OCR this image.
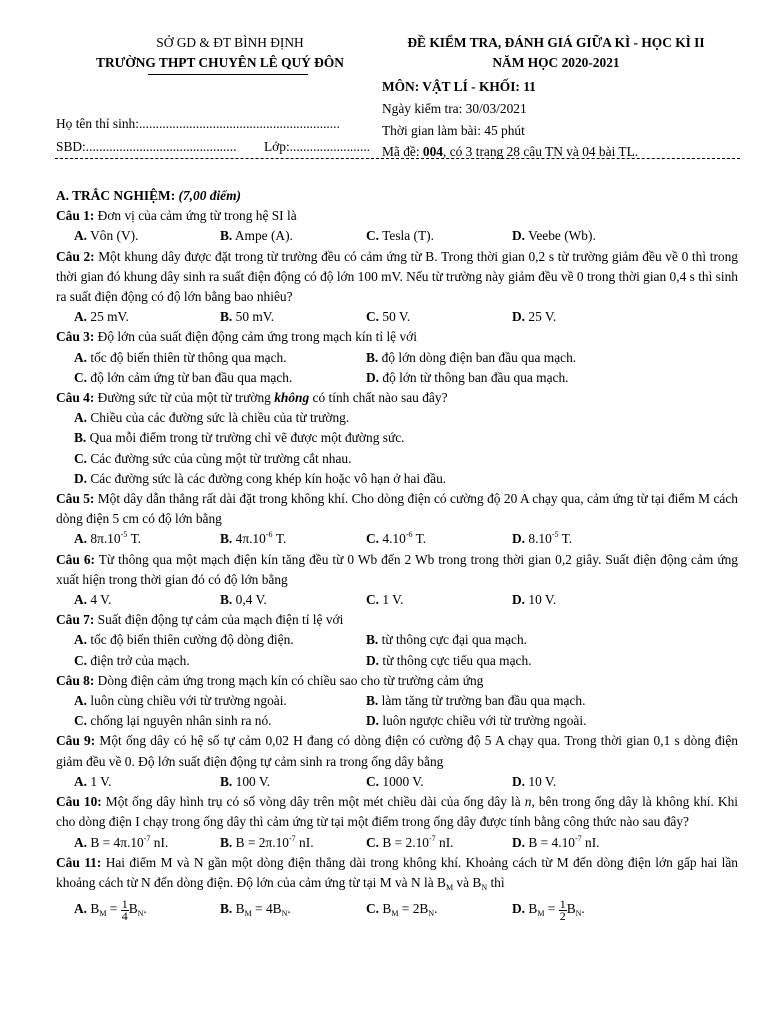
SỞ GD & ĐT BÌNH ĐỊNH
TRƯỜNG THPT CHUYÊN LÊ QUÝ ĐÔN
ĐỀ KIỂM TRA, ĐÁNH GIÁ GIỮA KÌ - HỌC KÌ II
NĂM HỌC 2020-2021
MÔN: VẬT LÍ - KHỐI: 11
Ngày kiểm tra: 30/03/2021
Thời gian làm bài: 45 phút
Mã đề: 004, có 3 trang 28 câu TN và 04 bài TL.
Họ tên thí sinh:............................................................
SBD:............................................. Lớp:........................
A. TRẮC NGHIỆM: (7,00 điểm)
Câu 1: Đơn vị của cảm ứng từ trong hệ SI là
A. Vôn (V).	B. Ampe (A).	C. Tesla (T).	D. Veebe (Wb).
Câu 2: Một khung dây được đặt trong từ trường đều có cảm ứng từ B. Trong thời gian 0,2 s từ trường giảm đều về 0 thì trong thời gian đó khung dây sinh ra suất điện động có độ lớn 100 mV. Nếu từ trường này giảm đều về 0 trong thời gian 0,4 s thì sinh ra suất điện động có độ lớn bằng bao nhiêu?
A. 25 mV.	B. 50 mV.	C. 50 V.	D. 25 V.
Câu 3: Độ lớn của suất điện động cảm ứng trong mạch kín tỉ lệ với
A. tốc độ biến thiên từ thông qua mạch.	B. độ lớn dòng điện ban đầu qua mạch.
C. độ lớn cảm ứng từ ban đầu qua mạch.	D. độ lớn từ thông ban đầu qua mạch.
Câu 4: Đường sức từ của một từ trường không có tính chất nào sau đây?
A. Chiều của các đường sức là chiều của từ trường.
B. Qua mỗi điểm trong từ trường chỉ vẽ được một đường sức.
C. Các đường sức của cùng một từ trường cắt nhau.
D. Các đường sức là các đường cong khép kín hoặc vô hạn ở hai đầu.
Câu 5: Một dây dẫn thẳng rất dài đặt trong không khí. Cho dòng điện có cường độ 20 A chạy qua, cảm ứng từ tại điểm M cách dòng điện 5 cm có độ lớn bằng
A. $8\pi.10^{-5}$ T.	B. $4\pi.10^{-6}$ T.	C. $4.10^{-6}$ T.	D. $8.10^{-5}$ T.
Câu 6: Từ thông qua một mạch điện kín tăng đều từ 0 Wb đến 2 Wb trong trong thời gian 0,2 giây. Suất điện động cảm ứng xuất hiện trong thời gian đó có độ lớn bằng
A. 4 V.	B. 0,4 V.	C. 1 V.	D. 10 V.
Câu 7: Suất điện động tự cảm của mạch điện tỉ lệ với
A. tốc độ biến thiên cường độ dòng điện.	B. từ thông cực đại qua mạch.
C. điện trở của mạch.	D. từ thông cực tiểu qua mạch.
Câu 8: Dòng điện cảm ứng trong mạch kín có chiều sao cho từ trường cảm ứng
A. luôn cùng chiều với từ trường ngoài.	B. làm tăng từ trường ban đầu qua mạch.
C. chống lại nguyên nhân sinh ra nó.	D. luôn ngược chiều với từ trường ngoài.
Câu 9: Một ống dây có hệ số tự cảm 0,02 H đang có dòng điện có cường độ 5 A chạy qua. Trong thời gian 0,1 s dòng điện giảm đều về 0. Độ lớn suất điện động tự cảm sinh ra trong ống dây bằng
A. 1 V.	B. 100 V.	C. 1000 V.	D. 10 V.
Câu 10: Một ống dây hình trụ có số vòng dây trên một mét chiều dài của ống dây là n, bên trong ống dây là không khí. Khi cho dòng điện I chạy trong ống dây thì cảm ứng từ tại một điểm trong ống dây được tính bằng công thức nào sau đây?
A. $B = 4\pi.10^{-7}$ nI.	B. $B = 2\pi.10^{-7}$ nI.	C. $B = 2.10^{-7}$ nI.	D. $B = 4.10^{-7}$ nI.
Câu 11: Hai điểm M và N gần một dòng điện thẳng dài trong không khí. Khoảng cách từ M đến dòng điện lớn gấp hai lần khoảng cách từ N đến dòng điện. Độ lớn của cảm ứng từ tại M và N là $B_M$ và $B_N$ thì
A. $B_M = \frac{1}{4} B_N$.	B. $B_M = 4B_N$.	C. $B_M = 2B_N$.	D. $B_M = \frac{1}{2} B_N$.
